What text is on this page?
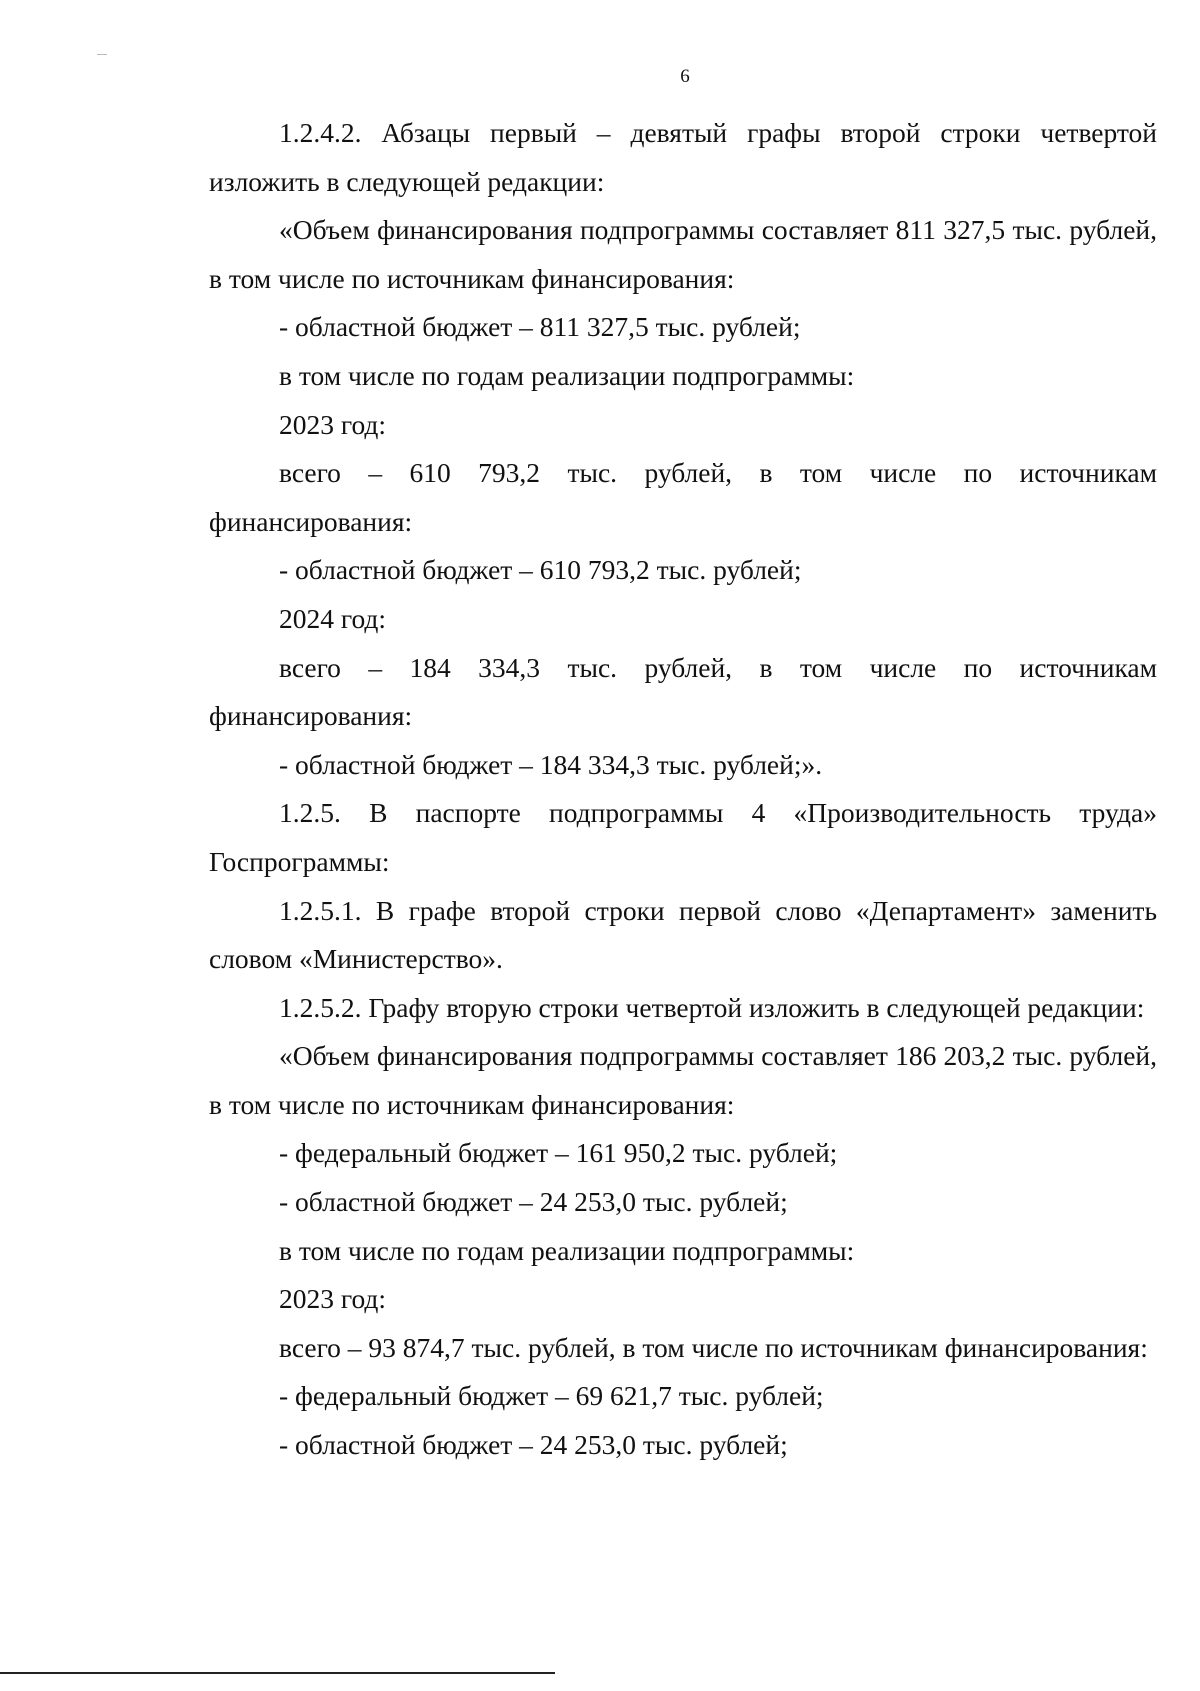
6

1.2.4.2. Абзацы первый – девятый графы второй строки четвертой изложить в следующей редакции:

«Объем финансирования подпрограммы составляет 811 327,5 тыс. рублей, в том числе по источникам финансирования:

- областной бюджет – 811 327,5 тыс. рублей;

в том числе по годам реализации подпрограммы:

2023 год:

всего – 610 793,2 тыс. рублей, в том числе по источникам финансирования:

- областной бюджет – 610 793,2 тыс. рублей;

2024 год:

всего – 184 334,3 тыс. рублей, в том числе по источникам финансирования:

- областной бюджет – 184 334,3 тыс. рублей;».

1.2.5. В паспорте подпрограммы 4 «Производительность труда» Госпрограммы:

1.2.5.1. В графе второй строки первой слово «Департамент» заменить словом «Министерство».

1.2.5.2. Графу вторую строки четвертой изложить в следующей редакции:

«Объем финансирования подпрограммы составляет 186 203,2 тыс. рублей, в том числе по источникам финансирования:

- федеральный бюджет – 161 950,2 тыс. рублей;

- областной бюджет – 24 253,0 тыс. рублей;

в том числе по годам реализации подпрограммы:

2023 год:

всего – 93 874,7 тыс. рублей, в том числе по источникам финансирования:

- федеральный бюджет – 69 621,7 тыс. рублей;

- областной бюджет – 24 253,0 тыс. рублей;
